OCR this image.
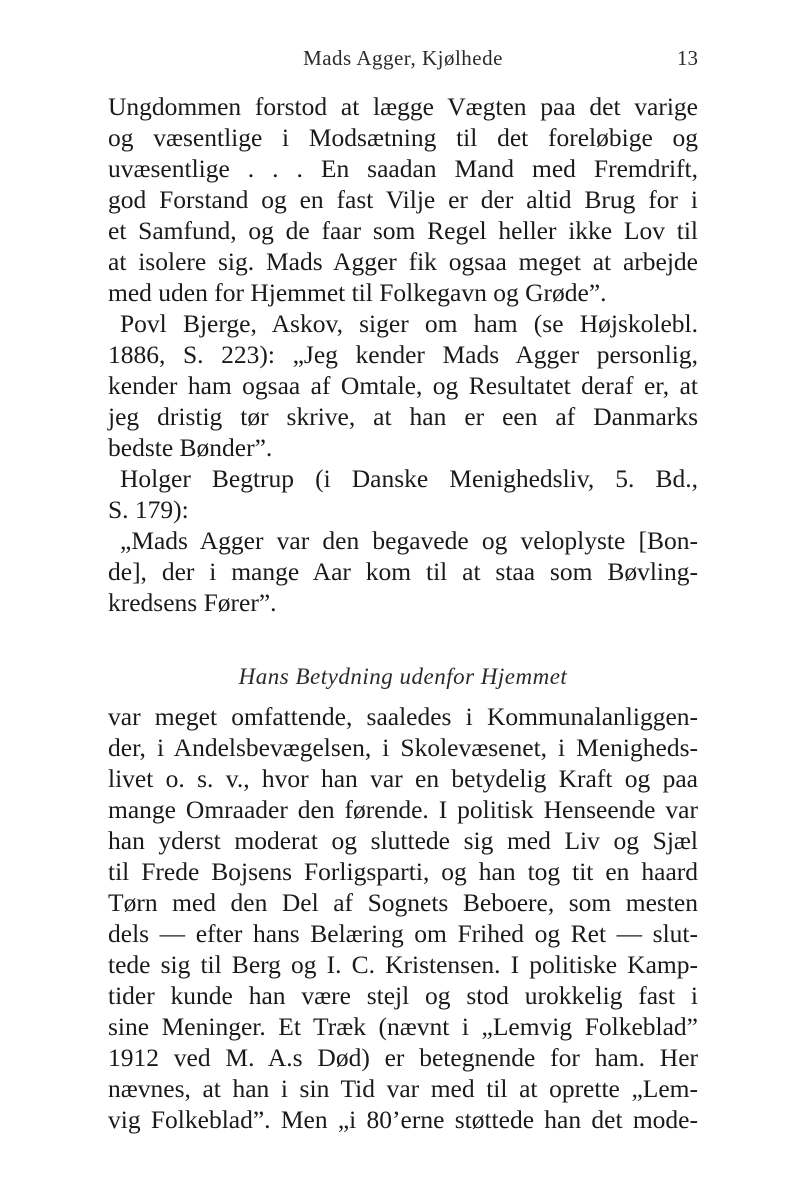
Mads Agger, Kjølhede	13
Ungdommen forstod at lægge Vægten paa det varige
og væsentlige i Modsætning til det foreløbige og
uvæsentlige . . . En saadan Mand med Fremdrift,
god Forstand og en fast Vilje er der altid Brug for i
et Samfund, og de faar som Regel heller ikke Lov til
at isolere sig. Mads Agger fik ogsaa meget at arbejde
med uden for Hjemmet til Folkegavn og Grøde”.
Povl Bjerge, Askov, siger om ham (se Højskolebl.
1886, S. 223): „Jeg kender Mads Agger personlig,
kender ham ogsaa af Omtale, og Resultatet deraf er, at
jeg dristig tør skrive, at han er een af Danmarks
bedste Bønder”.
Holger Begtrup (i Danske Menighedsliv, 5. Bd.,
S. 179):
„Mads Agger var den begavede og veloplyste [Bon-
de], der i mange Aar kom til at staa som Bøvling-
kredsens Fører”.
Hans Betydning udenfor Hjemmet
var meget omfattende, saaledes i Kommunalanliggen-
der, i Andelsbevægelsen, i Skolevæsenet, i Menigheds-
livet o. s. v., hvor han var en betydelig Kraft og paa
mange Omraader den førende. I politisk Henseende var
han yderst moderat og sluttede sig med Liv og Sjæl
til Frede Bojsens Forligsparti, og han tog tit en haard
Tørn med den Del af Sognets Beboere, som mesten
dels — efter hans Belæring om Frihed og Ret — slut-
tede sig til Berg og I. C. Kristensen. I politiske Kamp-
tider kunde han være stejl og stod urokkelig fast i
sine Meninger. Et Træk (nævnt i „Lemvig Folkeblad”
1912 ved M. A.s Død) er betegnende for ham. Her
nævnes, at han i sin Tid var med til at oprette „Lem-
vig Folkeblad”. Men „i 80’erne støttede han det mode-
